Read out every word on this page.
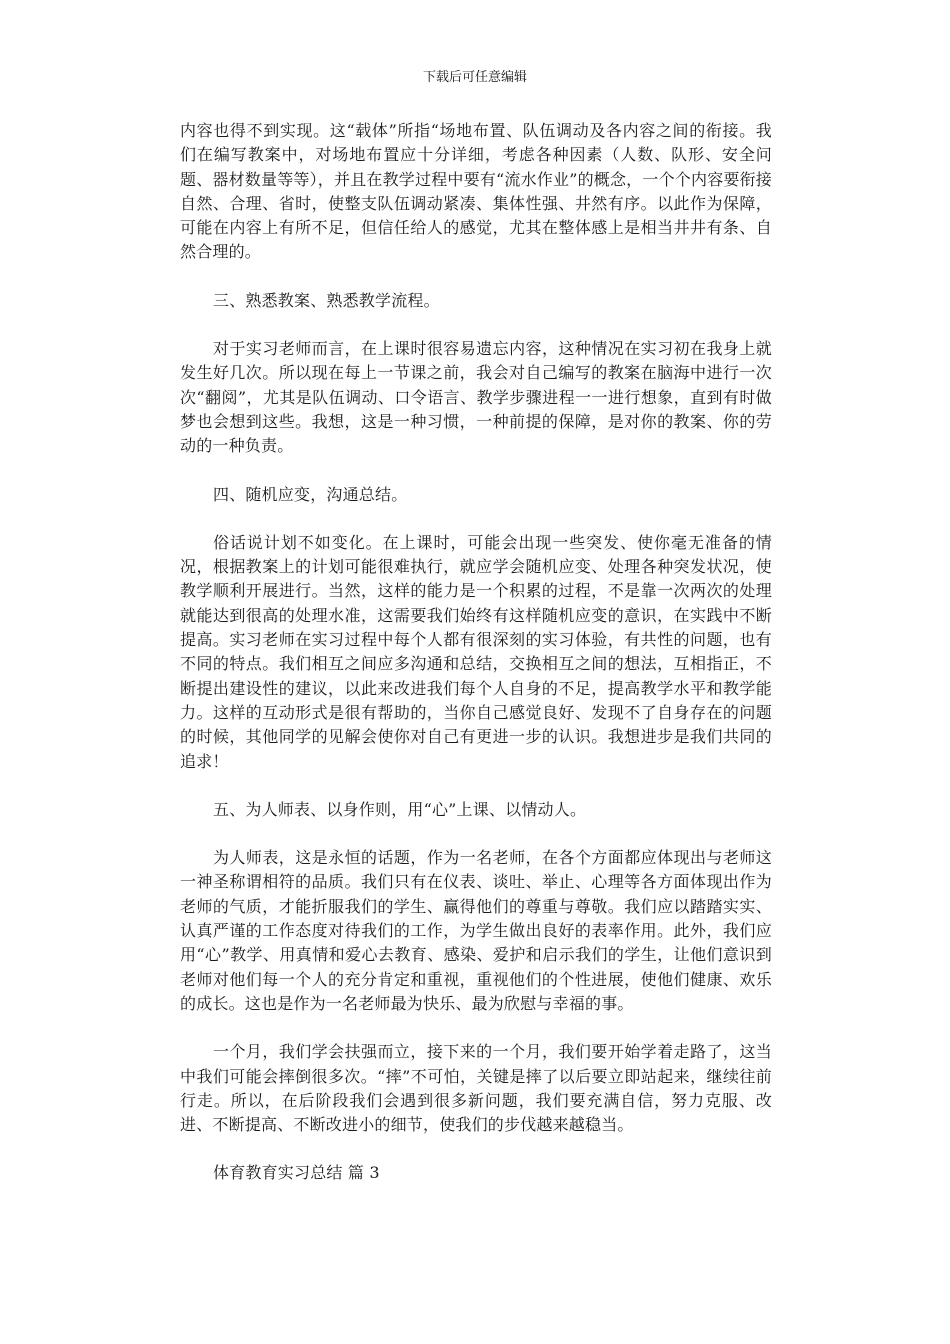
下载后可任意编辑

内容也得不到实现。这“载体”所指“场地布置、队伍调动及各内容之间的衔接。我们在编写教案中，对场地布置应十分详细，考虑各种因素（人数、队形、安全问题、器材数量等等），并且在教学过程中要有“流水作业”的概念，一个个内容要衔接自然、合理、省时，使整支队伍调动紧凑、集体性强、井然有序。以此作为保障，可能在内容上有所不足，但信任给人的感觉，尤其在整体感上是相当井井有条、自然合理的。

三、熟悉教案、熟悉教学流程。

对于实习老师而言，在上课时很容易遗忘内容，这种情况在实习初在我身上就发生好几次。所以现在每上一节课之前，我会对自己编写的教案在脑海中进行一次次“翻阅”，尤其是队伍调动、口令语言、教学步骤进程一一进行想象，直到有时做梦也会想到这些。我想，这是一种习惯，一种前提的保障，是对你的教案、你的劳动的一种负责。

四、随机应变，沟通总结。

俗话说计划不如变化。在上课时，可能会出现一些突发、使你毫无准备的情况，根据教案上的计划可能很难执行，就应学会随机应变、处理各种突发状况，使教学顺利开展进行。当然，这样的能力是一个积累的过程，不是靠一次两次的处理就能达到很高的处理水准，这需要我们始终有这样随机应变的意识，在实践中不断提高。实习老师在实习过程中每个人都有很深刻的实习体验，有共性的问题，也有不同的特点。我们相互之间应多沟通和总结，交换相互之间的想法，互相指正，不断提出建设性的建议，以此来改进我们每个人自身的不足，提高教学水平和教学能力。这样的互动形式是很有帮助的，当你自己感觉良好、发现不了自身存在的问题的时候，其他同学的见解会使你对自己有更进一步的认识。我想进步是我们共同的追求！

五、为人师表、以身作则，用“心”上课、以情动人。

为人师表，这是永恒的话题，作为一名老师，在各个方面都应体现出与老师这一神圣称谓相符的品质。我们只有在仪表、谈吐、举止、心理等各方面体现出作为老师的气质，才能折服我们的学生、赢得他们的尊重与尊敬。我们应以踏踏实实、认真严谨的工作态度对待我们的工作，为学生做出良好的表率作用。此外，我们应用“心”教学、用真情和爱心去教育、感染、爱护和启示我们的学生，让他们意识到老师对他们每一个人的充分肯定和重视，重视他们的个性进展，使他们健康、欢乐的成长。这也是作为一名老师最为快乐、最为欣慰与幸福的事。

一个月，我们学会扶强而立，接下来的一个月，我们要开始学着走路了，这当中我们可能会摔倒很多次。“摔”不可怕，关键是摔了以后要立即站起来，继续往前行走。所以，在后阶段我们会遇到很多新问题，我们要充满自信，努力克服、改进、不断提高、不断改进小的细节，使我们的步伐越来越稳当。

体育教育实习总结 篇 3
